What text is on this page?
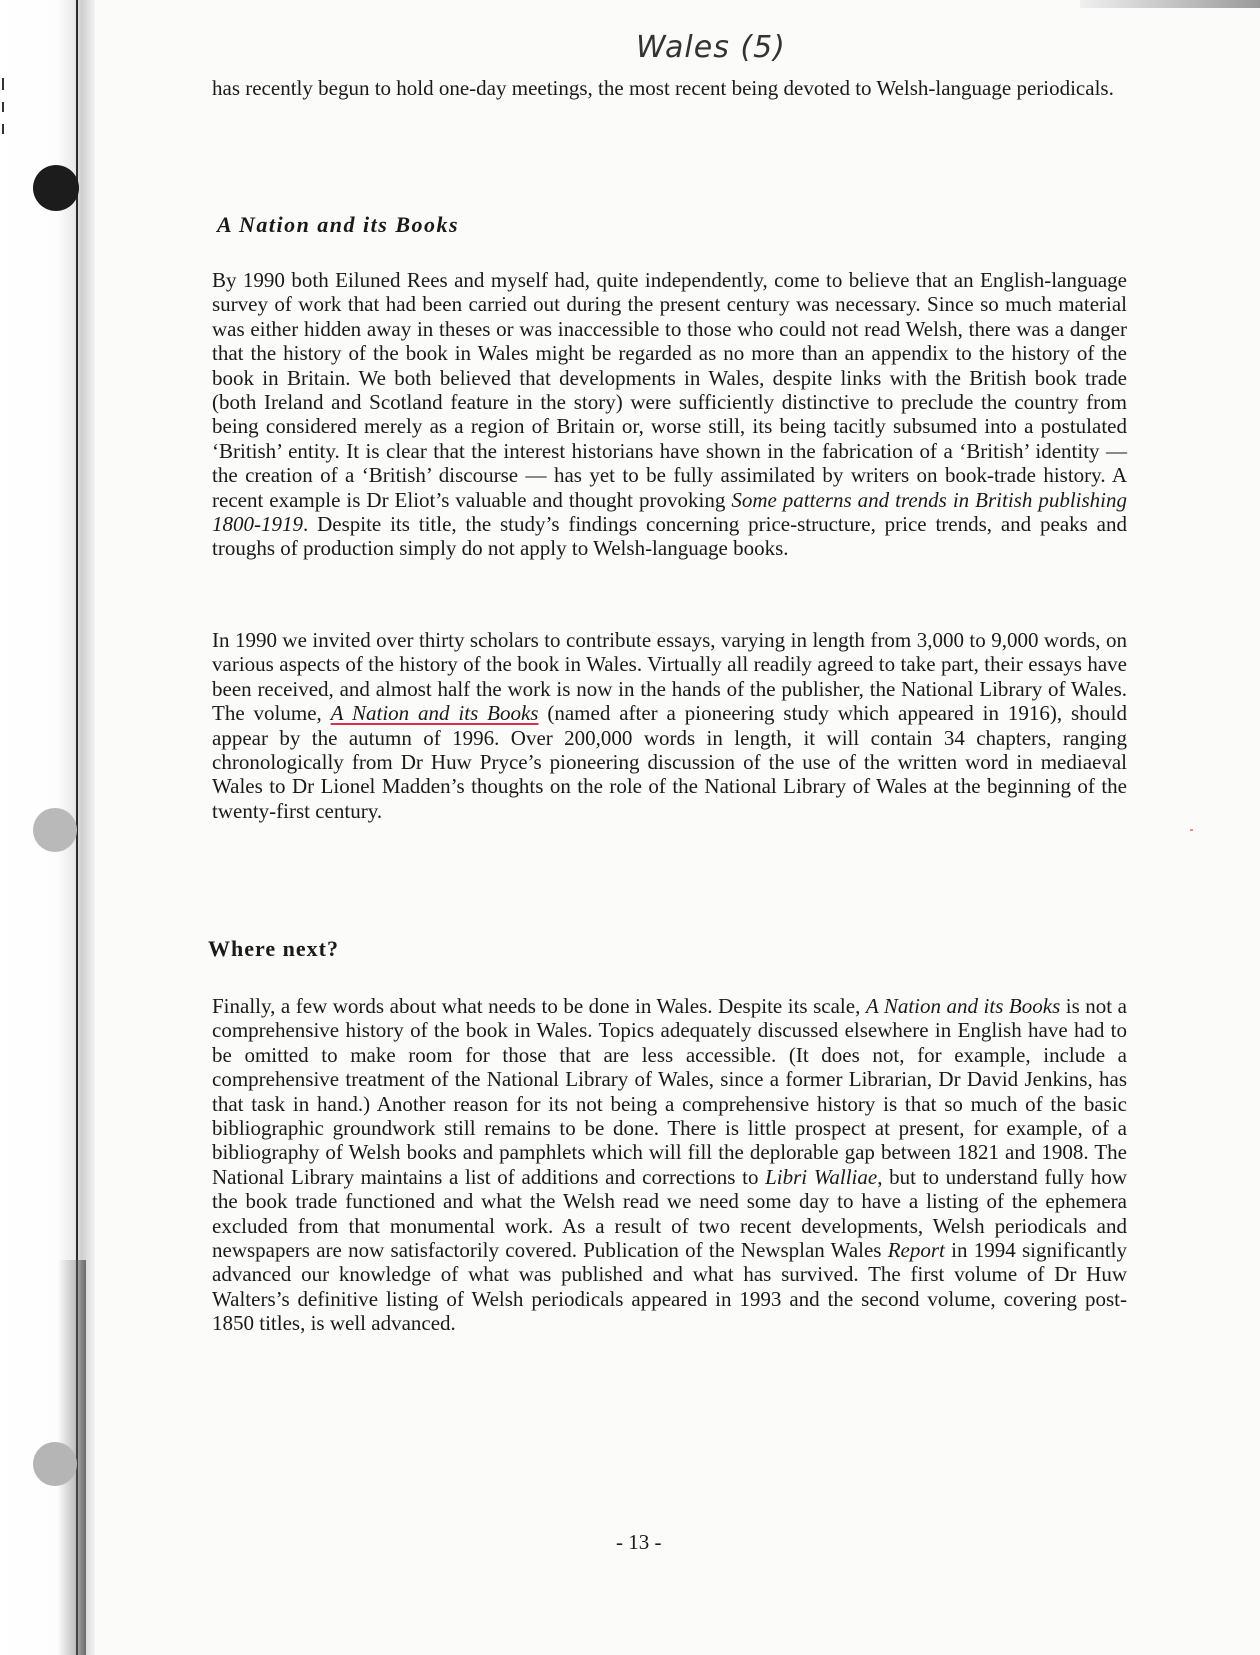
Wales (5)

has recently begun to hold one-day meetings, the most recent being devoted to Welsh-language periodicals.

A Nation and its Books

By 1990 both Eiluned Rees and myself had, quite independently, come to believe that an English-language survey of work that had been carried out during the present century was necessary. Since so much material was either hidden away in theses or was inaccessible to those who could not read Welsh, there was a danger that the history of the book in Wales might be regarded as no more than an appendix to the history of the book in Britain. We both believed that developments in Wales, despite links with the British book trade (both Ireland and Scotland feature in the story) were sufficiently distinctive to preclude the country from being considered merely as a region of Britain or, worse still, its being tacitly subsumed into a postulated ‘British’ entity. It is clear that the interest historians have shown in the fabrication of a ‘British’ identity — the creation of a ‘British’ discourse — has yet to be fully assimilated by writers on book-trade history. A recent example is Dr Eliot’s valuable and thought provoking Some patterns and trends in British publishing 1800-1919. Despite its title, the study’s findings concerning price-structure, price trends, and peaks and troughs of production simply do not apply to Welsh-language books.

In 1990 we invited over thirty scholars to contribute essays, varying in length from 3,000 to 9,000 words, on various aspects of the history of the book in Wales. Virtually all readily agreed to take part, their essays have been received, and almost half the work is now in the hands of the publisher, the National Library of Wales. The volume, A Nation and its Books (named after a pioneering study which appeared in 1916), should appear by the autumn of 1996. Over 200,000 words in length, it will contain 34 chapters, ranging chronologically from Dr Huw Pryce’s pioneering discussion of the use of the written word in mediaeval Wales to Dr Lionel Madden’s thoughts on the role of the National Library of Wales at the beginning of the twenty-first century.

Where next?

Finally, a few words about what needs to be done in Wales. Despite its scale, A Nation and its Books is not a comprehensive history of the book in Wales. Topics adequately discussed elsewhere in English have had to be omitted to make room for those that are less accessible. (It does not, for example, include a comprehensive treatment of the National Library of Wales, since a former Librarian, Dr David Jenkins, has that task in hand.) Another reason for its not being a comprehensive history is that so much of the basic bibliographic groundwork still remains to be done. There is little prospect at present, for example, of a bibliography of Welsh books and pamphlets which will fill the deplorable gap between 1821 and 1908. The National Library maintains a list of additions and corrections to Libri Walliae, but to understand fully how the book trade functioned and what the Welsh read we need some day to have a listing of the ephemera excluded from that monumental work. As a result of two recent developments, Welsh periodicals and newspapers are now satisfactorily covered. Publication of the Newsplan Wales Report in 1994 significantly advanced our knowledge of what was published and what has survived. The first volume of Dr Huw Walters’s definitive listing of Welsh periodicals appeared in 1993 and the second volume, covering post-1850 titles, is well advanced.

- 13 -
